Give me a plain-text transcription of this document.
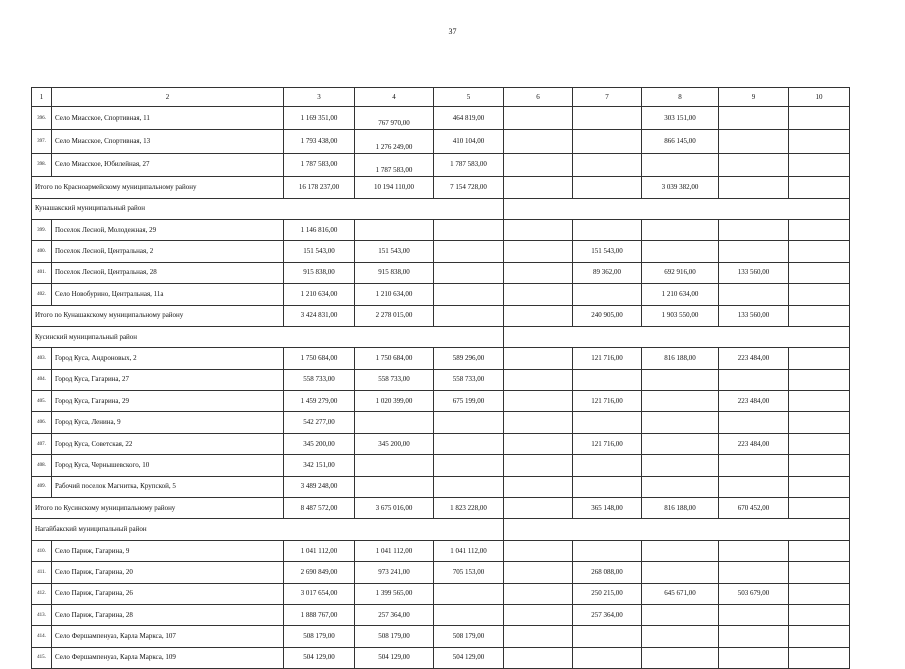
37
1	2	3	4	5	6	7	8	9	10
396.	Село Миасское, Спортивная, 11	1 169 351,00	767 970,00	464 819,00			303 151,00		
397.	Село Миасское, Спортивная, 13	1 793 438,00	1 276 249,00	410 104,00			866 145,00		
398.	Село Миасское, Юбилейная, 27	1 787 583,00	1 787 583,00	1 787 583,00					
Итого по Красноармейскому муниципальному району		16 178 237,00	10 194 110,00	7 154 728,00			3 039 382,00		
Кунашакский муниципальный район									
399.	Поселок Лесной, Молодежная, 29	1 146 816,00							
400.	Поселок Лесной, Центральная, 2	151 543,00	151 543,00			151 543,00			
401.	Поселок Лесной, Центральная, 28	915 838,00	915 838,00			89 362,00	692 916,00	133 560,00	
402.	Село Новобурино, Центральная, 11а	1 210 634,00	1 210 634,00				1 210 634,00		
Итого по Кунашакскому муниципальному району		3 424 831,00	2 278 015,00			240 905,00	1 903 550,00	133 560,00	
Кусинский муниципальный район									
403.	Город Куса, Андроновых, 2	1 750 684,00	1 750 684,00	589 296,00		121 716,00	816 188,00	223 484,00	
404.	Город Куса, Гагарина, 27	558 733,00	558 733,00	558 733,00					
405.	Город Куса, Гагарина, 29	1 459 279,00	1 020 399,00	675 199,00		121 716,00		223 484,00	
406.	Город Куса, Ленина, 9	542 277,00							
407.	Город Куса, Советская, 22	345 200,00	345 200,00			121 716,00		223 484,00	
408.	Город Куса, Чернышевского, 10	342 151,00							
409.	Рабочий поселок Магнитка, Крупской, 5	3 489 248,00							
Итого по Кусинскому муниципальному району		8 487 572,00	3 675 016,00	1 823 228,00		365 148,00	816 188,00	670 452,00	
Нагайбакский муниципальный район									
410.	Село Париж, Гагарина, 9	1 041 112,00	1 041 112,00	1 041 112,00					
411.	Село Париж, Гагарина, 20	2 690 849,00	973 241,00	705 153,00		268 088,00			
412.	Село Париж, Гагарина, 26	3 017 654,00	1 399 565,00			250 215,00	645 671,00	503 679,00	
413.	Село Париж, Гагарина, 28	1 888 767,00	257 364,00			257 364,00			
414.	Село Фершампенуаз, Карла Маркса, 107	508 179,00	508 179,00	508 179,00					
415.	Село Фершампенуаз, Карла Маркса, 109	504 129,00	504 129,00	504 129,00					
